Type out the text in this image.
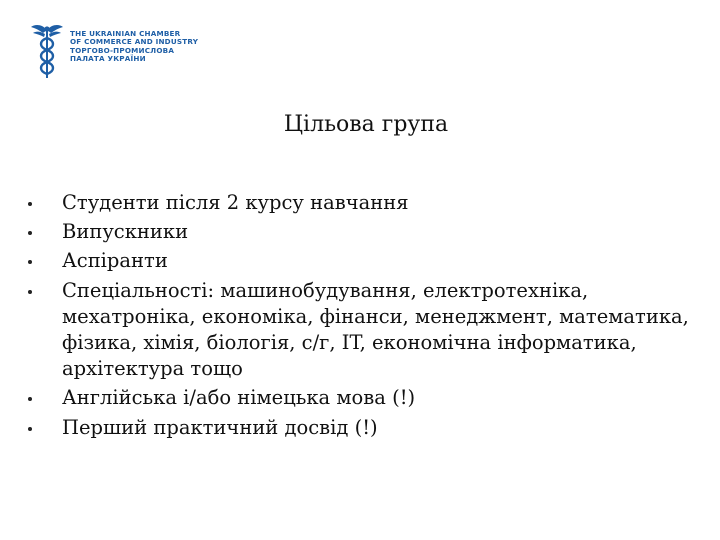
THE UKRAINIAN CHAMBER
OF COMMERCE AND INDUSTRY
ТОРГОВО-ПРОМИСЛОВА
ПАЛАТА УКРАЇНИ
Цільова група
Студенти після 2 курсу навчання
Випускники
Аспіранти
Спеціальності: машинобудування, електротехніка, мехатроніка, економіка, фінанси, менеджмент, математика, фізика, хімія, біологія, с/г, IT, економічна інформатика, архітектура тощо
Англійська і/або німецька мова (!)
Перший практичний досвід (!)
